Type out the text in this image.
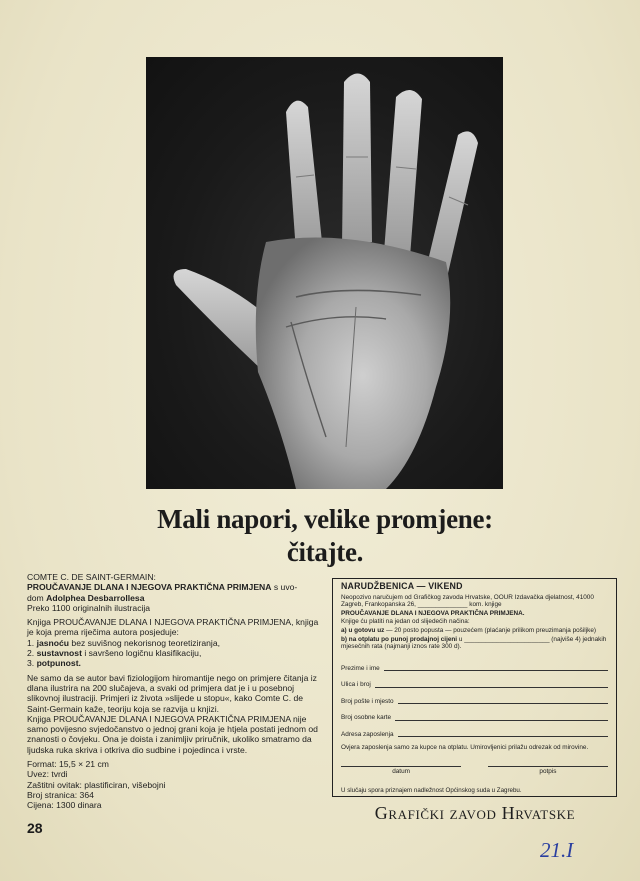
Mali napori, velike promjene:
čitajte.

COMTE C. DE SAINT-GERMAIN:

PROUČAVANJE DLANA I NJEGOVA PRAKTIČNA PRIMJENA s uvo-

dom Adolphea Desbarrollesa

Preko 1100 originalnih ilustracija

Knjiga PROUČAVANJE DLANA I NJEGOVA PRAKTIČNA PRIMJENA, knjiga je koja prema riječima autora posjeduje:

1. jasnoću bez suvišnog nekorisnog teoretiziranja,
2. sustavnost i savršeno logičnu klasifikaciju,
3. potpunost.

Ne samo da se autor bavi fiziologijom hiromantije nego on primjere čitanja iz dlana ilustrira na 200 slučajeva, a svaki od primjera dat je i u posebnoj slikovnoj ilustraciji. Primjeri iz života »slijede u stopu«, kako Comte C. de Saint-Germain kaže, teoriju koja se razvija u knjizi.

Knjiga PROUČAVANJE DLANA I NJEGOVA PRAKTIČNA PRIMJENA nije samo povijesno svjedočanstvo o jednoj grani koja je htjela postati jednom od znanosti o čovjeku. Ona je doista i zanimljiv priručnik, ukoliko smatramo da ljudska ruka skriva i otkriva dio sudbine i pojedinca i vrste.

Format: 15,5 × 21 cm
Uvez: tvrdi
Zaštitni ovitak: plastificiran, višebojni
Broj stranica: 364
Cijena: 1300 dinara
28
NARUDŽBENICA — VIKEND

Neopozivo naručujem od Grafičkog zavoda Hrvatske, OOUR Izdavačka djelatnost, 41000 Zagreb, Frankopanska 26, ______________ kom. knjige

PROUČAVANJE DLANA I NJEGOVA PRAKTIČNA PRIMJENA.

Knjige ću platiti na jedan od slijedećih načina:

a) u gotovu uz — 20 posto popusta — pouzećem (plaćanje prilikom preuzimanja pošiljke)

b) na otplatu po punoj prodajnoj cijeni u ________________________ (najviše 4) jednakih mjesečnih rata (najmanji iznos rate 300 d).

Prezime i ime
Ulica i broj
Broj pošte i mjesto
Broj osobne karte
Adresa zaposlenja

Ovjera zaposlenja samo za kupce na otplatu. Umirovljenici prilažu odrezak od mirovine.

datum	potpis

U slučaju spora priznajem nadležnost Općinskog suda u Zagrebu.

Grafički zavod Hrvatske
21.I
